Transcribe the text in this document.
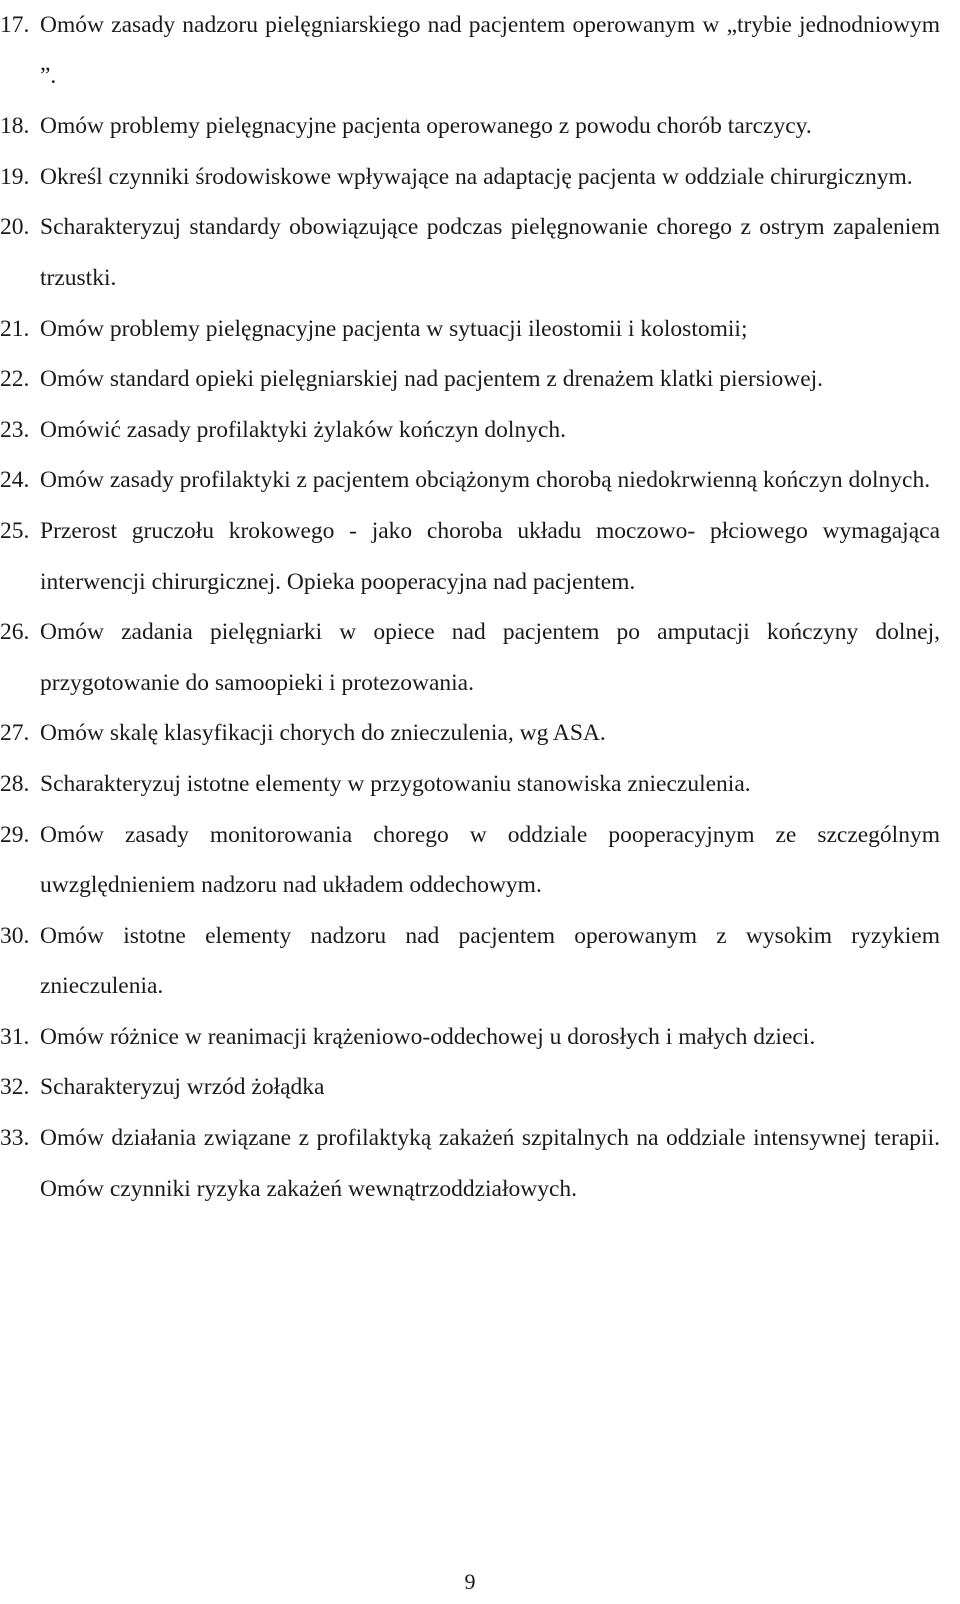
17. Omów zasady nadzoru pielęgniarskiego nad pacjentem operowanym w „trybie jednodniowym ”.
18. Omów problemy pielęgnacyjne pacjenta operowanego z powodu chorób tarczycy.
19. Określ czynniki środowiskowe wpływające na adaptację pacjenta w oddziale chirurgicznym.
20. Scharakteryzuj standardy obowiązujące podczas pielęgnowanie chorego z ostrym zapaleniem trzustki.
21. Omów problemy pielęgnacyjne pacjenta w sytuacji ileostomii i kolostomii;
22. Omów standard opieki pielęgniarskiej nad pacjentem z drenażem klatki piersiowej.
23. Omówić zasady profilaktyki żylaków kończyn dolnych.
24. Omów zasady profilaktyki z pacjentem obciążonym chorobą niedokrwienną kończyn dolnych.
25. Przerost gruczołu krokowego - jako choroba układu moczowo- płciowego wymagająca interwencji chirurgicznej. Opieka pooperacyjna nad pacjentem.
26. Omów zadania pielęgniarki w opiece nad pacjentem po amputacji kończyny dolnej, przygotowanie do samoopieki i protezowania.
27. Omów skalę klasyfikacji chorych do znieczulenia, wg ASA.
28. Scharakteryzuj istotne elementy w przygotowaniu stanowiska znieczulenia.
29. Omów zasady monitorowania chorego w oddziale pooperacyjnym ze szczególnym uwzględnieniem nadzoru nad układem oddechowym.
30. Omów istotne elementy nadzoru nad pacjentem operowanym z wysokim ryzykiem znieczulenia.
31. Omów różnice w reanimacji krążeniowo-oddechowej u dorosłych i małych dzieci.
32. Scharakteryzuj wrzód żołądka
33. Omów działania związane z profilaktyką zakażeń szpitalnych na oddziale intensywnej terapii. Omów czynniki ryzyka zakażeń wewnątrzoddziałowych.
9
